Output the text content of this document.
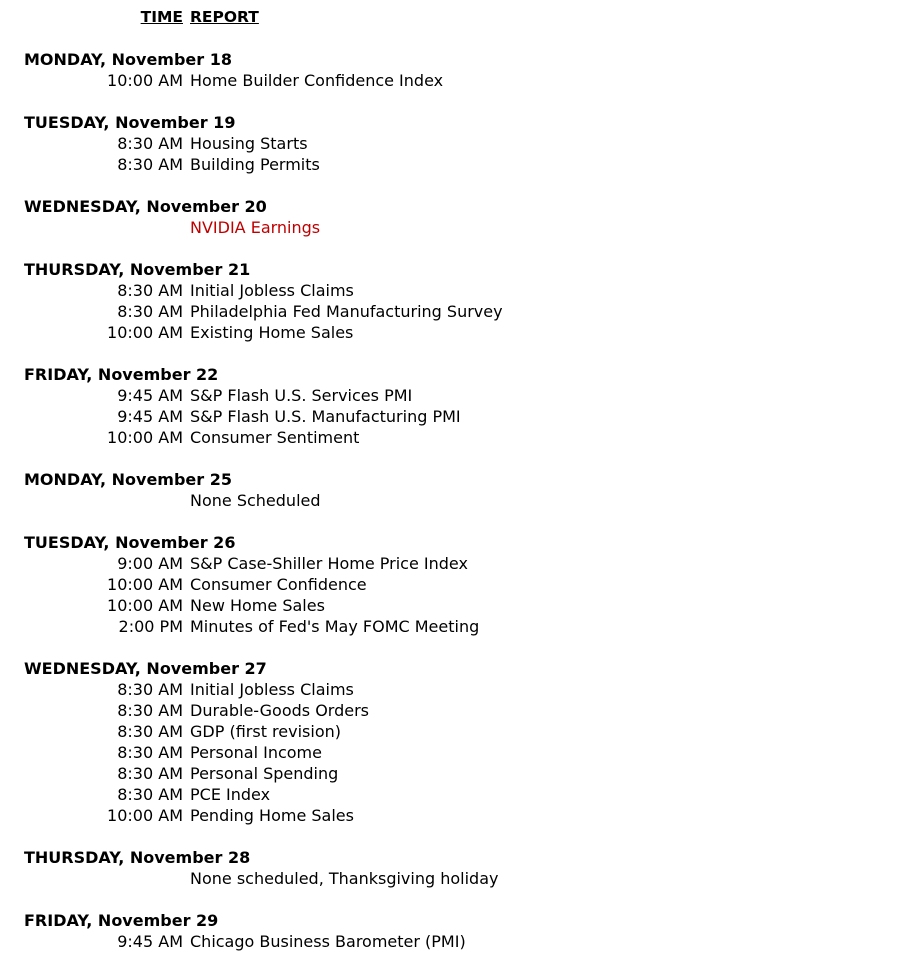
TIME REPORT
MONDAY, November 18
10:00 AM Home Builder Confidence Index
TUESDAY, November 19
8:30 AM Housing Starts
8:30 AM Building Permits
WEDNESDAY, November 20
NVIDIA Earnings
THURSDAY, November 21
8:30 AM Initial Jobless Claims
8:30 AM Philadelphia Fed Manufacturing Survey
10:00 AM Existing Home Sales
FRIDAY, November 22
9:45 AM S&P Flash U.S. Services PMI
9:45 AM S&P Flash U.S. Manufacturing PMI
10:00 AM Consumer Sentiment
MONDAY, November 25
None Scheduled
TUESDAY, November 26
9:00 AM S&P Case-Shiller Home Price Index
10:00 AM Consumer Confidence
10:00 AM New Home Sales
2:00 PM Minutes of Fed's May FOMC Meeting
WEDNESDAY, November 27
8:30 AM Initial Jobless Claims
8:30 AM Durable-Goods Orders
8:30 AM GDP (first revision)
8:30 AM Personal Income
8:30 AM Personal Spending
8:30 AM PCE Index
10:00 AM Pending Home Sales
THURSDAY, November 28
None scheduled, Thanksgiving holiday
FRIDAY, November 29
9:45 AM Chicago Business Barometer (PMI)
